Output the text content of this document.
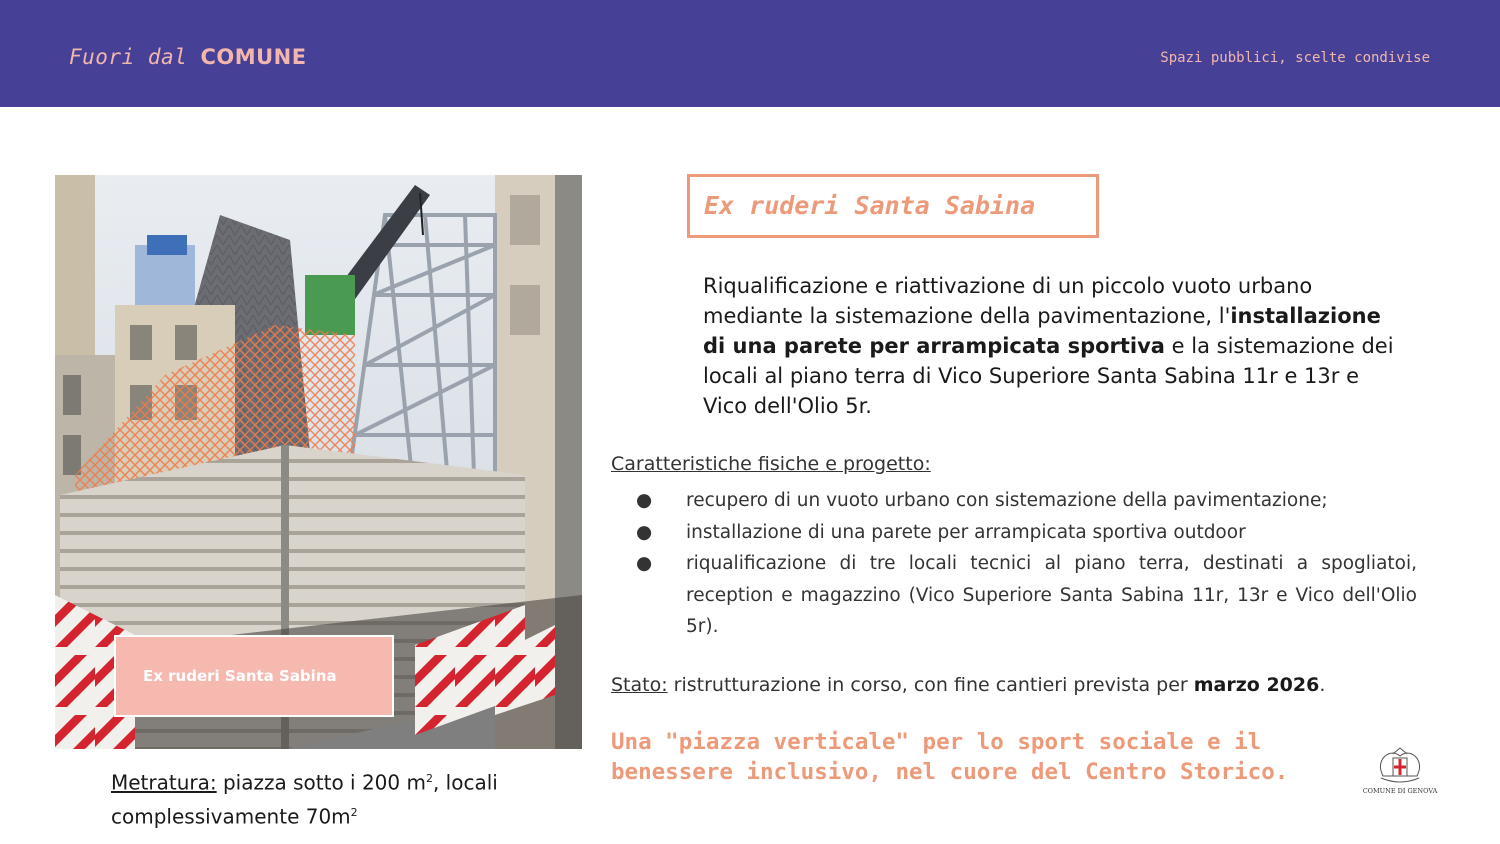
Fuori dal COMUNE	Spazi pubblici, scelte condivise
Ex ruderi Santa Sabina
Metratura: piazza sotto i 200 $m^2$, locali complessivamente $70m^2$
Ex ruderi Santa Sabina
Riqualificazione e riattivazione di un piccolo vuoto urbano mediante la sistemazione della pavimentazione, l'installazione di una parete per arrampicata sportiva e la sistemazione dei locali al piano terra di Vico Superiore Santa Sabina 11r e 13r e Vico dell'Olio 5r.
Caratteristiche fisiche e progetto:
● recupero di un vuoto urbano con sistemazione della pavimentazione;
● installazione di una parete per arrampicata sportiva outdoor
● riqualificazione di tre locali tecnici al piano terra, destinati a spogliatoi, reception e magazzino (Vico Superiore Santa Sabina 11r, 13r e Vico dell'Olio 5r).
Stato: ristrutturazione in corso, con fine cantieri prevista per marzo 2026.
Una "piazza verticale" per lo sport sociale e il benessere inclusivo, nel cuore del Centro Storico.
COMUNE DI GENOVA
